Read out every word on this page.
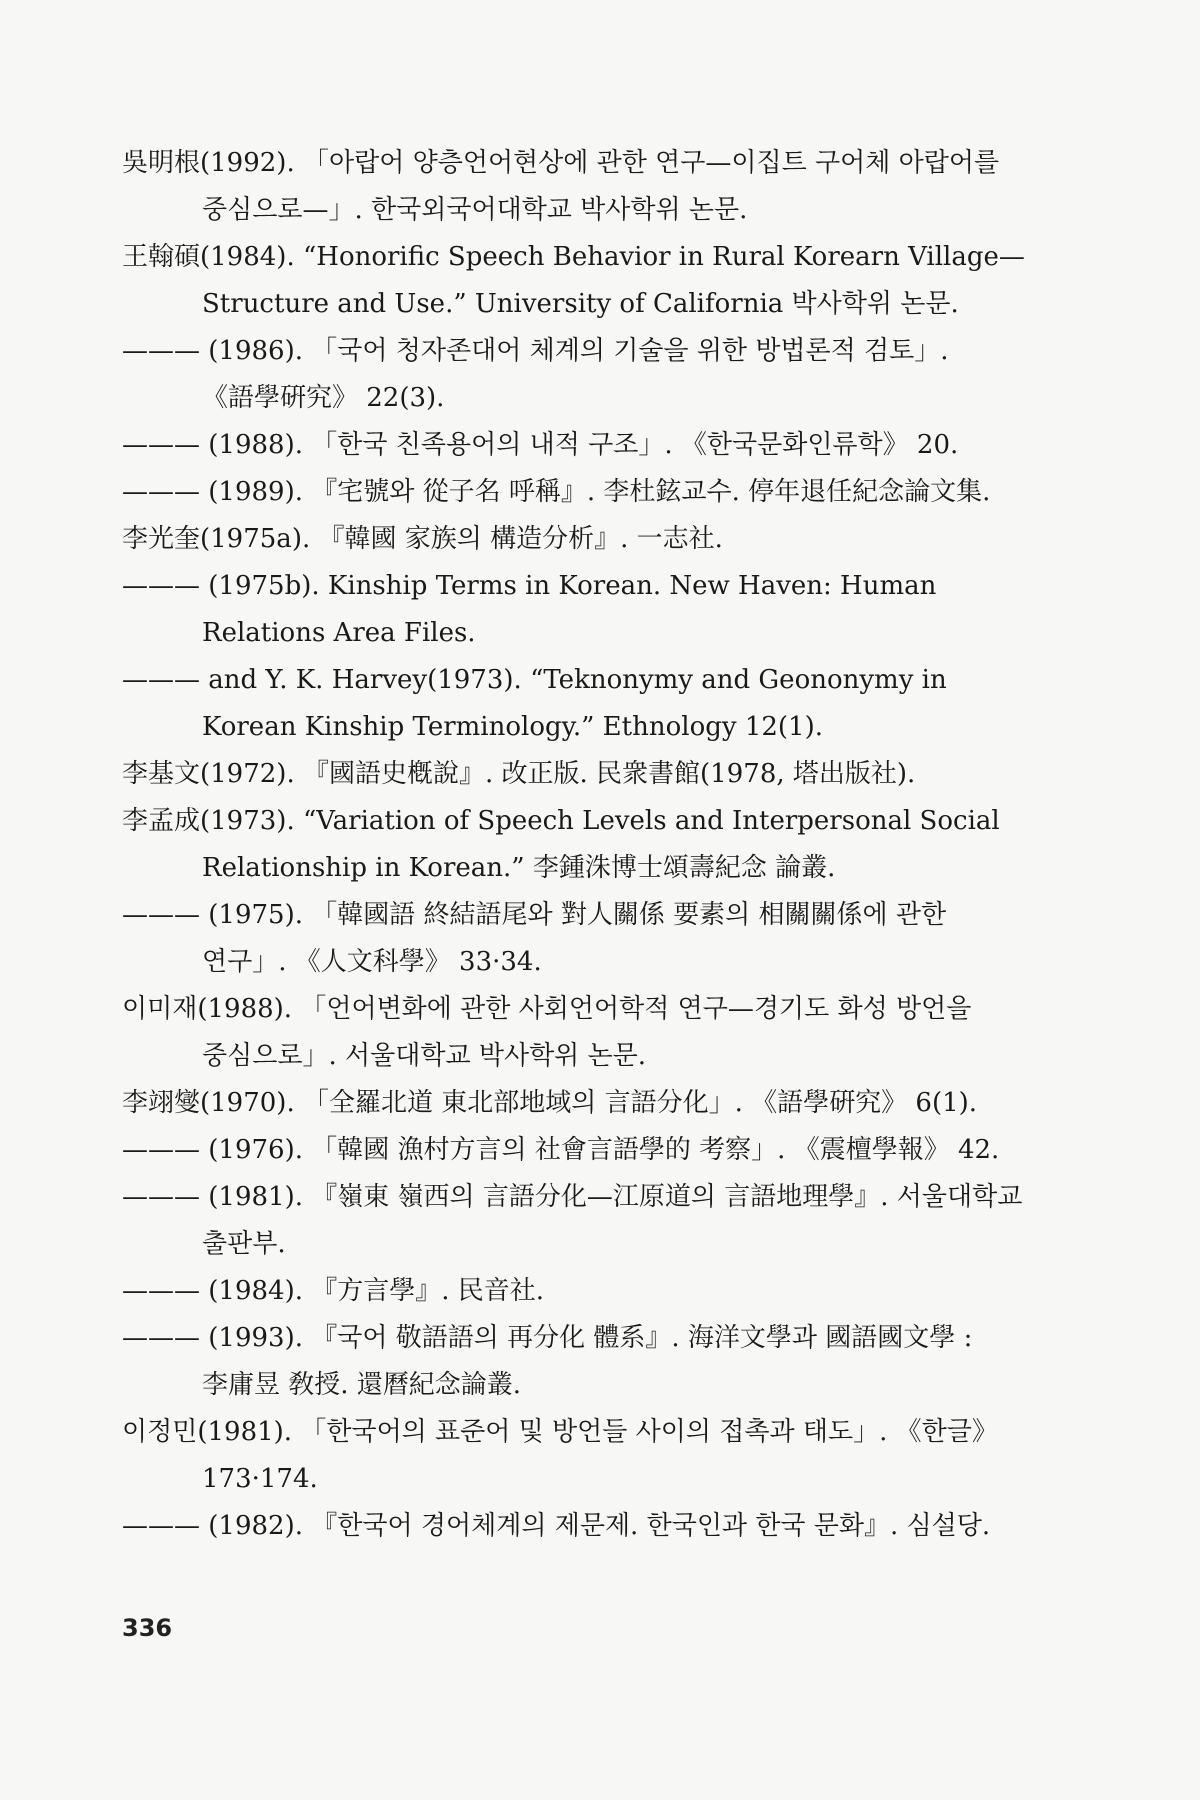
吳明根(1992). 「아랍어 양층언어현상에 관한 연구—이집트 구어체 아랍어를 중심으로—」. 한국외국어대학교 박사학위 논문.
王翰碩(1984). “Honorific Speech Behavior in Rural Korearn Village—Structure and Use.” University of California 박사학위 논문.
——— (1986). 「국어 청자존대어 체계의 기술을 위한 방법론적 검토」. 《語學硏究》 22(3).
——— (1988). 「한국 친족용어의 내적 구조」. 《한국문화인류학》 20.
——— (1989). 『宅號와 從子名 呼稱』. 李杜鉉교수. 停年退任紀念論文集.
李光奎(1975a). 『韓國 家族의 構造分析』. 一志社.
——— (1975b). Kinship Terms in Korean. New Haven: Human Relations Area Files.
——— and Y. K. Harvey(1973). “Teknonymy and Geononymy in Korean Kinship Terminology.” Ethnology 12(1).
李基文(1972). 『國語史槪說』. 改正版. 民衆書館(1978, 塔出版社).
李孟成(1973). “Variation of Speech Levels and Interpersonal Social Relationship in Korean.” 李鍾洙博士頌壽紀念 論叢.
——— (1975). 「韓國語 終結語尾와 對人關係 要素의 相關關係에 관한 연구」. 《人文科學》 33·34.
이미재(1988). 「언어변화에 관한 사회언어학적 연구—경기도 화성 방언을 중심으로」. 서울대학교 박사학위 논문.
李翊燮(1970). 「全羅北道 東北部地域의 言語分化」. 《語學硏究》 6(1).
——— (1976). 「韓國 漁村方言의 社會言語學的 考察」. 《震檀學報》 42.
——— (1981). 『嶺東 嶺西의 言語分化—江原道의 言語地理學』. 서울대학교 출판부.
——— (1984). 『方言學』. 民音社.
——— (1993). 『국어 敬語語의 再分化 體系』. 海洋文學과 國語國文學 : 李庸昱 敎授. 還曆紀念論叢.
이정민(1981). 「한국어의 표준어 및 방언들 사이의 접촉과 태도」. 《한글》 173·174.
——— (1982). 『한국어 경어체계의 제문제. 한국인과 한국 문화』. 심설당.
336
